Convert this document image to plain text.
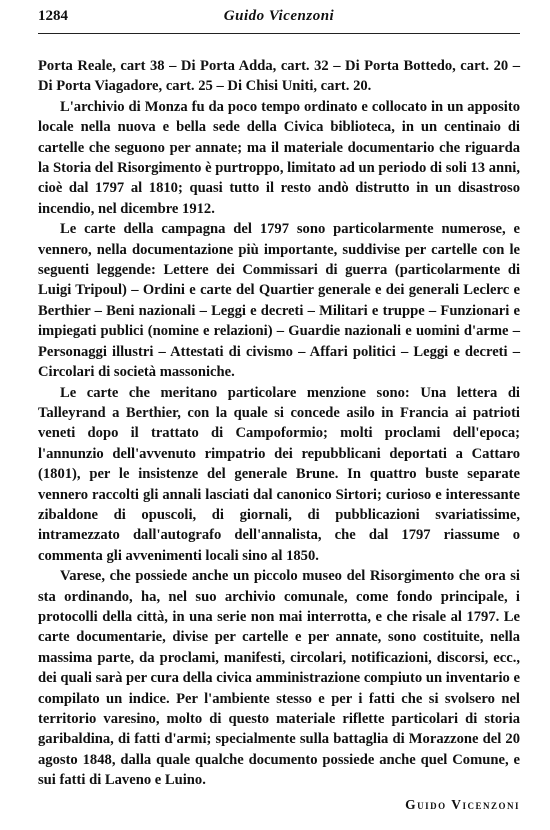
1284	Guido Vicenzoni

Porta Reale, cart 38 – Di Porta Adda, cart. 32 – Di Porta Bottedo, cart. 20 – Di Porta Viagadore, cart. 25 – Di Chisi Uniti, cart. 20.

L'archivio di Monza fu da poco tempo ordinato e collocato in un apposito locale nella nuova e bella sede della Civica biblioteca, in un centinaio di cartelle che seguono per annate; ma il materiale documentario che riguarda la Storia del Risorgimento è purtroppo, limitato ad un periodo di soli 13 anni, cioè dal 1797 al 1810; quasi tutto il resto andò distrutto in un disastroso incendio, nel dicembre 1912.

Le carte della campagna del 1797 sono particolarmente numerose, e vennero, nella documentazione più importante, suddivise per cartelle con le seguenti leggende: Lettere dei Commissari di guerra (particolarmente di Luigi Tripoul) – Ordini e carte del Quartier generale e dei generali Leclerc e Berthier – Beni nazionali – Leggi e decreti – Militari e truppe – Funzionari e impiegati publici (nomine e relazioni) – Guardie nazionali e uomini d'arme – Personaggi illustri – Attestati di civismo – Affari politici – Leggi e decreti – Circolari di società massoniche.

Le carte che meritano particolare menzione sono: Una lettera di Talleyrand a Berthier, con la quale si concede asilo in Francia ai patrioti veneti dopo il trattato di Campoformio; molti proclami dell'epoca; l'annunzio dell'avvenuto rimpatrio dei repubblicani deportati a Cattaro (1801), per le insistenze del generale Brune. In quattro buste separate vennero raccolti gli annali lasciati dal canonico Sirtori; curioso e interessante zibaldone di opuscoli, di giornali, di pubblicazioni svariatissime, intramezzato dall'autografo dell'annalista, che dal 1797 riassume o commenta gli avvenimenti locali sino al 1850.

Varese, che possiede anche un piccolo museo del Risorgimento che ora si sta ordinando, ha, nel suo archivio comunale, come fondo principale, i protocolli della città, in una serie non mai interrotta, e che risale al 1797. Le carte documentarie, divise per cartelle e per annate, sono costituite, nella massima parte, da proclami, manifesti, circolari, notificazioni, discorsi, ecc., dei quali sarà per cura della civica amministrazione compiuto un inventario e compilato un indice. Per l'ambiente stesso e per i fatti che si svolsero nel territorio varesino, molto di questo materiale riflette particolari di storia garibaldina, di fatti d'armi; specialmente sulla battaglia di Morazzone del 20 agosto 1848, dalla quale qualche documento possiede anche quel Comune, e sui fatti di Laveno e Luino.

Guido Vicenzoni
